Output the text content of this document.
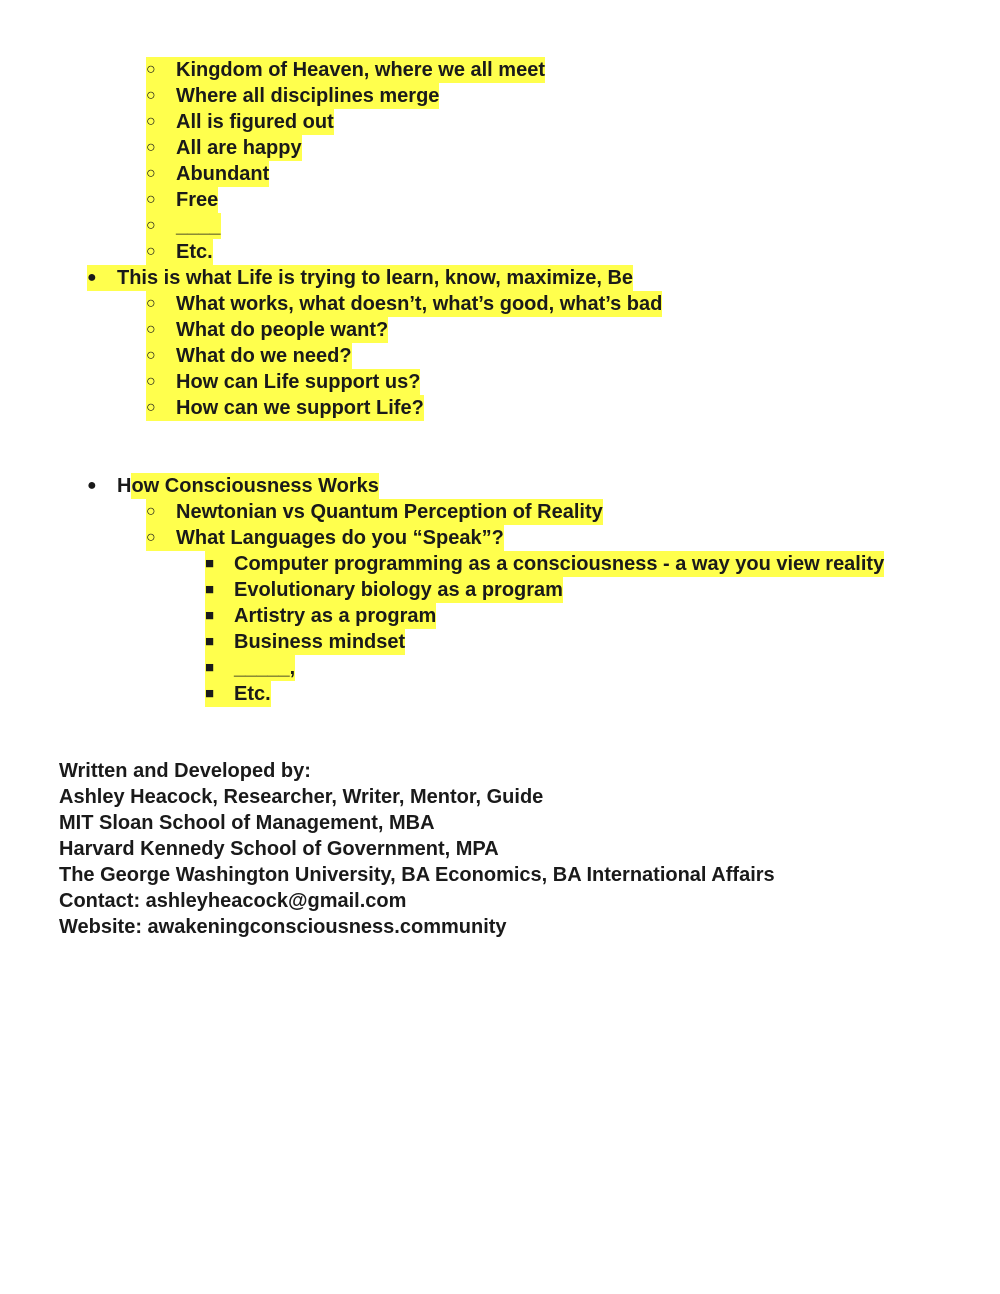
○	Kingdom of Heaven, where we all meet
○	Where all disciplines merge
○	All is figured out
○	All are happy
○	Abundant
○	Free
○	____
○	Etc.
●	This is what Life is trying to learn, know, maximize, Be
○	What works, what doesn’t, what’s good, what’s bad
○	What do people want?
○	What do we need?
○	How can Life support us?
○	How can we support Life?
●	H ow Consciousness Works
○	Newtonian vs Quantum Perception of Reality
○	What Languages do you “Speak”?
■ Computer programming as a consciousness - a way you view reality
■ Evolutionary biology as a program
■ Artistry as a program
■ Business mindset
■ _____,
■ Etc.
Written and Developed by:
Ashley Heacock, Researcher, Writer, Mentor, Guide
MIT Sloan School of Management, MBA
Harvard Kennedy School of Government, MPA
The George Washington University, BA Economics, BA International Affairs
Contact: ashleyheacock@gmail.com
Website: awakeningconsciousness.community
